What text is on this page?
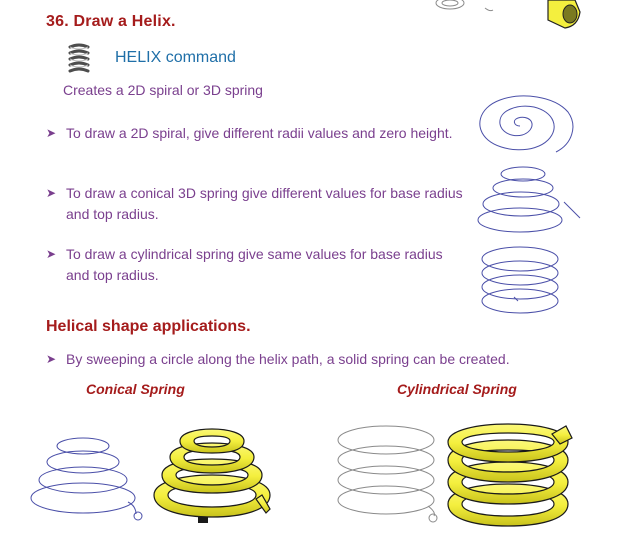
36. Draw a Helix.
HELIX command
Creates a 2D spiral or 3D spring
➤ To draw a 2D spiral, give different radii values and zero height.
➤ To draw a conical 3D spring give different values for base radius and top radius.
➤ To draw a cylindrical spring give same values for base radius and top radius.
Helical shape applications.
➤ By sweeping a circle along the helix path, a solid spring can be created.
Conical Spring	Cylindrical Spring
